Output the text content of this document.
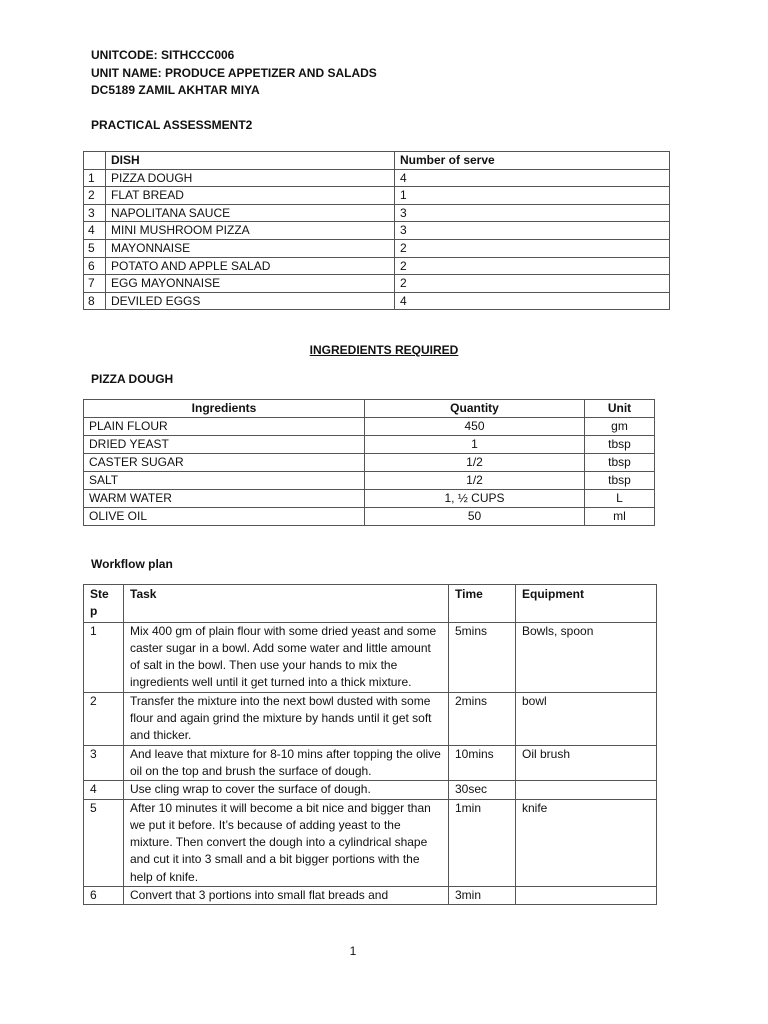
UNITCODE: SITHCCC006
UNIT NAME: PRODUCE APPETIZER AND SALADS
DC5189 ZAMIL AKHTAR MIYA
PRACTICAL ASSESSMENT2
	DISH	Number of serve
1	PIZZA DOUGH	4
2	FLAT BREAD	1
3	NAPOLITANA SAUCE	3
4	MINI MUSHROOM PIZZA	3
5	MAYONNAISE	2
6	POTATO AND APPLE SALAD	2
7	EGG MAYONNAISE	2
8	DEVILED EGGS	4
INGREDIENTS REQUIRED
PIZZA DOUGH
Ingredients	Quantity	Unit
PLAIN FLOUR	450	gm
DRIED YEAST	1	tbsp
CASTER SUGAR	1/2	tbsp
SALT	1/2	tbsp
WARM WATER	1, ½ CUPS	L
OLIVE OIL	50	ml
Workflow plan
Ste p	Task	Time	Equipment
1	Mix 400 gm of plain flour with some dried yeast and some caster sugar in a bowl. Add some water and little amount of salt in the bowl. Then use your hands to mix the ingredients well until it get turned into a thick mixture.	5mins	Bowls, spoon
2	Transfer the mixture into the next bowl dusted with some flour and again grind the mixture by hands until it get soft and thicker.	2mins	bowl
3	And leave that mixture for 8-10 mins after topping the olive oil on the top and brush the surface of dough.	10mins	Oil brush
4	Use cling wrap to cover the surface of dough.	30sec	
5	After 10 minutes it will become a bit nice and bigger than we put it before. It’s because of adding yeast to the mixture. Then convert the dough into a cylindrical shape and cut it into 3 small and a bit bigger portions with the help of knife.	1min	knife
6	Convert that 3 portions into small flat breads and	3min	
1
